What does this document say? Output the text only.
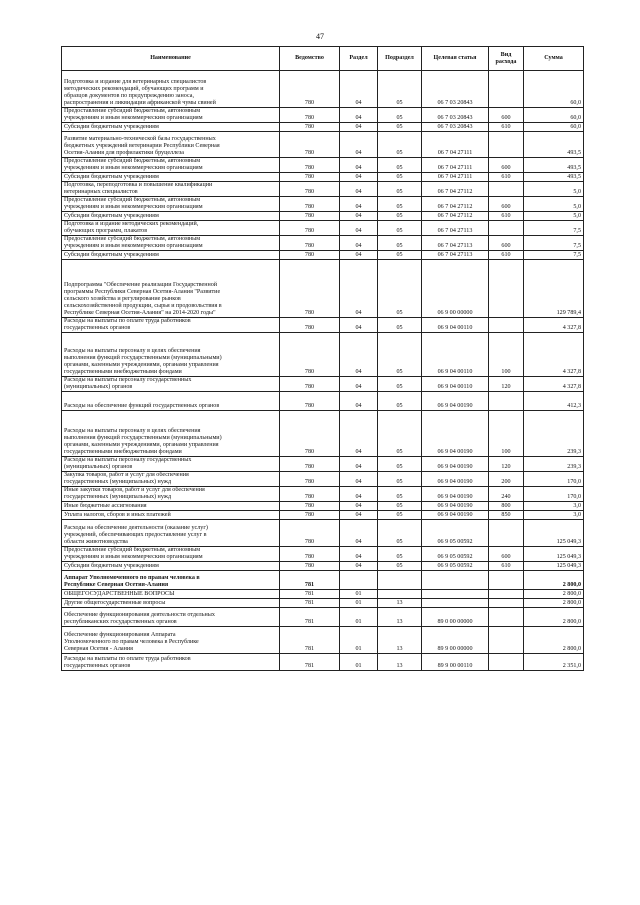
47
Наименование	Ведомство	Раздел	Подраздел	Целевая статья	Вид
расхода	Сумма
Подготовка и издание для ветеринарных специалистов
методических рекомендаций, обучающих программ и
образцов документов по предупреждению заноса,
распространения и ликвидации африканской чумы свиней	780	04	05	06 7 03 20843		60,0
Предоставление субсидий бюджетным, автономным
учреждениям и иным некоммерческим организациям	780	04	05	06 7 03 20843	600	60,0
Субсидии бюджетным учреждениям	780	04	05	06 7 03 20843	610	60,0
Развитие материально-технической базы государственных
бюджетных учреждений ветеринарии Республики Северная
Осетия-Алания для профилактики бруцеллеза	780	04	05	06 7 04 27111		493,5
Предоставление субсидий бюджетным, автономным
учреждениям и иным некоммерческим организациям	780	04	05	06 7 04 27111	600	493,5
Субсидии бюджетным учреждениям	780	04	05	06 7 04 27111	610	493,5
Подготовка, переподготовка и повышение квалификации
ветеринарных специалистов	780	04	05	06 7 04 27112		5,0
Предоставление субсидий бюджетным, автономным
учреждениям и иным некоммерческим организациям	780	04	05	06 7 04 27112	600	5,0
Субсидии бюджетным учреждениям	780	04	05	06 7 04 27112	610	5,0
Подготовка и издание методических рекомендаций,
обучающих программ, плакатов	780	04	05	06 7 04 27113		7,5
Предоставление субсидий бюджетным, автономным
учреждениям и иным некоммерческим организациям	780	04	05	06 7 04 27113	600	7,5
Субсидии бюджетным учреждениям	780	04	05	06 7 04 27113	610	7,5
Подпрограмма "Обеспечение реализации Государственной
программы Республики Северная Осетия-Алания "Развитие
сельского хозяйства и регулирование рынков
сельскохозяйственной продукции, сырья и продовольствия в
Республике Северная Осетия-Алания" на 2014-2020 годы"	780	04	05	06 9 00 00000		129 789,4
Расходы на выплаты по оплате труда работников
государственных органов	780	04	05	06 9 04 00110		4 327,8
Расходы на выплаты персоналу в целях обеспечения
выполнения функций государственными (муниципальными)
органами, казенными учреждениями, органами управления
государственными внебюджетными фондами	780	04	05	06 9 04 00110	100	4 327,8
Расходы на выплаты персоналу государственных
(муниципальных) органов	780	04	05	06 9 04 00110	120	4 327,8
Расходы на обеспечение функций государственных органов	780	04	05	06 9 04 00190		412,3
Расходы на выплаты персоналу в целях обеспечения
выполнения функций государственными (муниципальными)
органами, казенными учреждениями, органами управления
государственными внебюджетными фондами	780	04	05	06 9 04 00190	100	239,3
Расходы на выплаты персоналу государственных
(муниципальных) органов	780	04	05	06 9 04 00190	120	239,3
Закупка товаров, работ и услуг для обеспечения
государственных (муниципальных) нужд	780	04	05	06 9 04 00190	200	170,0
Иные закупки товаров, работ и услуг для обеспечения
государственных (муниципальных) нужд	780	04	05	06 9 04 00190	240	170,0
Иные бюджетные ассигнования	780	04	05	06 9 04 00190	800	3,0
Уплата налогов, сборов и иных платежей	780	04	05	06 9 04 00190	850	3,0
Расходы на обеспечение деятельности (оказание услуг)
учреждений, обеспечивающих предоставление услуг в
области животноводства	780	04	05	06 9 05 00592		125 049,3
Предоставление субсидий бюджетным, автономным
учреждениям и иным некоммерческим организациям	780	04	05	06 9 05 00592	600	125 049,3
Субсидии бюджетным учреждениям	780	04	05	06 9 05 00592	610	125 049,3
Аппарат Уполномоченного по правам человека в
Республике Северная Осетия-Алания	781					2 800,0
ОБЩЕГОСУДАРСТВЕННЫЕ ВОПРОСЫ	781	01				2 800,0
Другие общегосударственные вопросы	781	01	13			2 800,0
Обеспечение функционирования деятельности отдельных
республиканских государственных органов	781	01	13	89 0 00 00000		2 800,0
Обеспечение функционирования Аппарата
Уполномоченного по правам человека в Республике
Северная Осетия - Алания	781	01	13	89 9 00 00000		2 800,0
Расходы на выплаты по оплате труда работников
государственных органов	781	01	13	89 9 00 00110		2 351,0
